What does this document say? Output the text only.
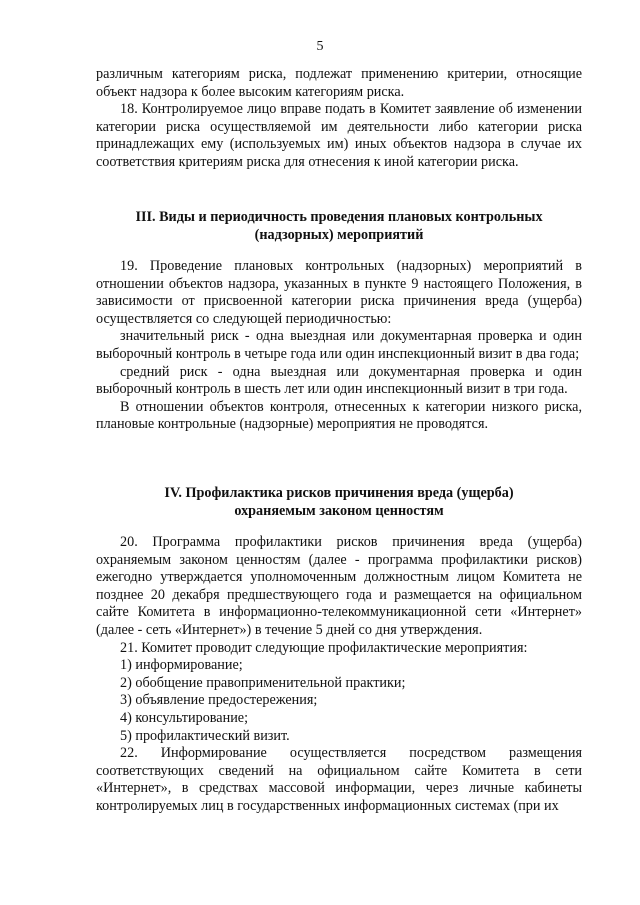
5

различным категориям риска, подлежат применению критерии, относящие объект надзора к более высоким категориям риска.

18. Контролируемое лицо вправе подать в Комитет заявление об изменении категории риска осуществляемой им деятельности либо категории риска принадлежащих ему (используемых им) иных объектов надзора в случае их соответствия критериям риска для отнесения к иной категории риска.

III. Виды и периодичность проведения плановых контрольных

(надзорных) мероприятий

19. Проведение плановых контрольных (надзорных) мероприятий в отношении объектов надзора, указанных в пункте 9 настоящего Положения, в зависимости от присвоенной категории риска причинения вреда (ущерба) осуществляется со следующей периодичностью:

значительный риск - одна выездная или документарная проверка и один выборочный контроль в четыре года или один инспекционный визит в два года;

средний риск - одна выездная или документарная проверка и один выборочный контроль в шесть лет или один инспекционный визит в три года.

В отношении объектов контроля, отнесенных к категории низкого риска, плановые контрольные (надзорные) мероприятия не проводятся.

IV. Профилактика рисков причинения вреда (ущерба)

охраняемым законом ценностям

20. Программа профилактики рисков причинения вреда (ущерба) охраняемым законом ценностям (далее - программа профилактики рисков) ежегодно утверждается уполномоченным должностным лицом Комитета не позднее 20 декабря предшествующего года и размещается на официальном сайте Комитета в информационно-телекоммуникационной сети «Интернет» (далее - сеть «Интернет») в течение 5 дней со дня утверждения.

21. Комитет проводит следующие профилактические мероприятия:

1) информирование;

2) обобщение правоприменительной практики;

3) объявление предостережения;

4) консультирование;

5) профилактический визит.

22. Информирование осуществляется посредством размещения соответствующих сведений на официальном сайте Комитета в сети «Интернет», в средствах массовой информации, через личные кабинеты контролируемых лиц в государственных информационных системах (при их
